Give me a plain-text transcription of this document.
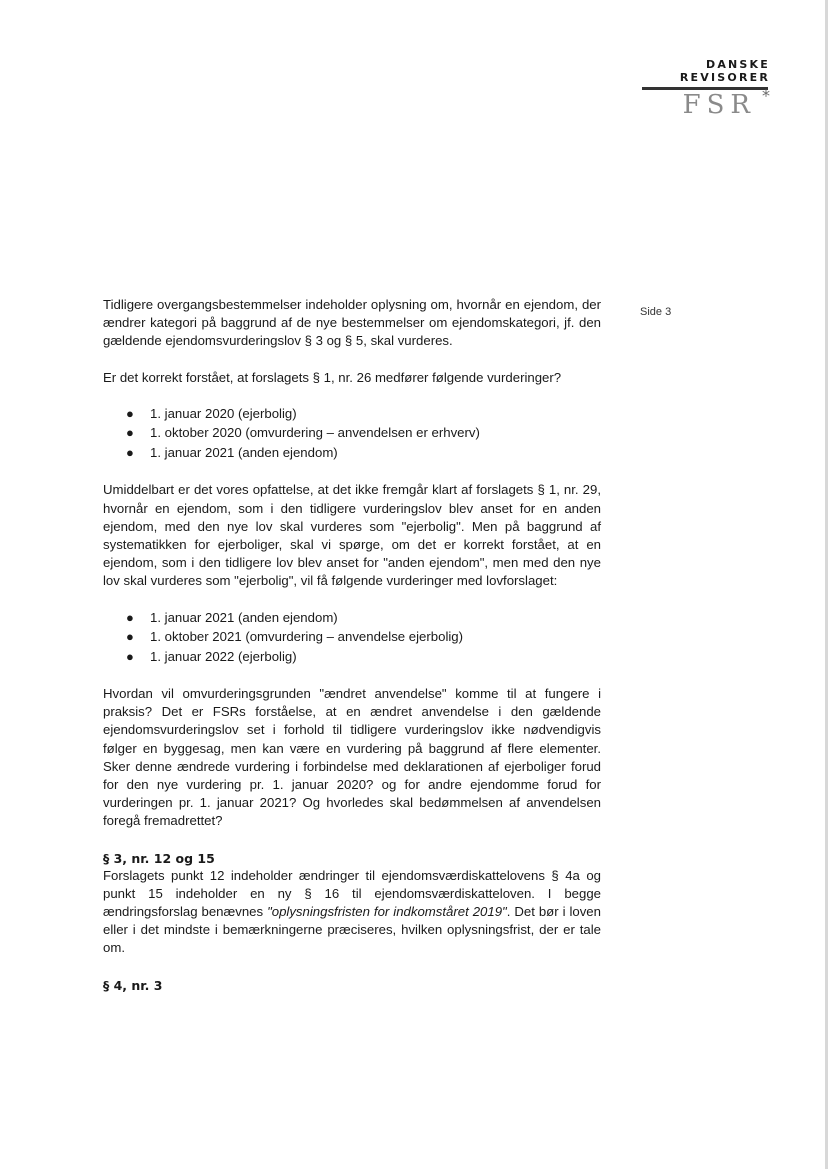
DANSKE
REVISORER
FSR *
Side 3

Tidligere overgangsbestemmelser indeholder oplysning om, hvornår en ejendom, der ændrer kategori på baggrund af de nye bestemmelser om ejendomskategori, jf. den gældende ejendomsvurderingslov § 3 og § 5, skal vurderes.

Er det korrekt forstået, at forslagets § 1, nr. 26 medfører følgende vurderinger?

● 1. januar 2020 (ejerbolig)
● 1. oktober 2020 (omvurdering – anvendelsen er erhverv)
● 1. januar 2021 (anden ejendom)

Umiddelbart er det vores opfattelse, at det ikke fremgår klart af forslagets § 1, nr. 29, hvornår en ejendom, som i den tidligere vurderingslov blev anset for en anden ejendom, med den nye lov skal vurderes som "ejerbolig". Men på baggrund af systematikken for ejerboliger, skal vi spørge, om det er korrekt forstået, at en ejendom, som i den tidligere lov blev anset for "anden ejendom", men med den nye lov skal vurderes som "ejerbolig", vil få følgende vurderinger med lovforslaget:

● 1. januar 2021 (anden ejendom)
● 1. oktober 2021 (omvurdering – anvendelse ejerbolig)
● 1. januar 2022 (ejerbolig)

Hvordan vil omvurderingsgrunden "ændret anvendelse" komme til at fungere i praksis? Det er FSRs forståelse, at en ændret anvendelse i den gældende ejendomsvurderingslov set i forhold til tidligere vurderingslov ikke nødvendigvis følger en byggesag, men kan være en vurdering på baggrund af flere elementer. Sker denne ændrede vurdering i forbindelse med deklarationen af ejerboliger forud for den nye vurdering pr. 1. januar 2020? og for andre ejendomme forud for vurderingen pr. 1. januar 2021? Og hvorledes skal bedømmelsen af anvendelsen foregå fremadrettet?

§ 3, nr. 12 og 15

Forslagets punkt 12 indeholder ændringer til ejendomsværdiskattelovens § 4a og punkt 15 indeholder en ny § 16 til ejendomsværdiskatteloven. I begge ændringsforslag benævnes "oplysningsfristen for indkomståret 2019". Det bør i loven eller i det mindste i bemærkningerne præciseres, hvilken oplysningsfrist, der er tale om.

§ 4, nr. 3
